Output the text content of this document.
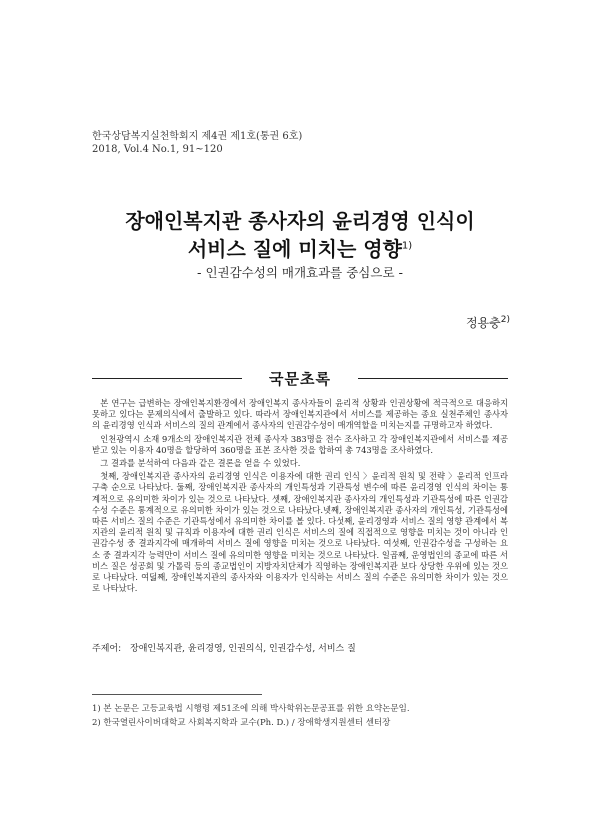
한국상담복지실천학회지 제4권 제1호(통권 6호)
2018, Vol.4 No.1, 91~120
장애인복지관 종사자의 윤리경영 인식이
서비스 질에 미치는 영향$^{1)}$
- 인권감수성의 매개효과를 중심으로 -
정용충$^{2)}$
국문초록

본 연구는 급변하는 장애인복지환경에서 장애인복지 종사자들이 윤리적 상황과 인권상황에 적극적으로 대응하지 못하고 있다는 문제의식에서 출발하고 있다. 따라서 장애인복지관에서 서비스를 제공하는 종요 실천주체인 종사자의 윤리경영 인식과 서비스의 질의 관계에서 종사자의 인권감수성이 매개역할을 미치는지를 규명하고자 하였다.

인천광역시 소재 9개소의 장애인복지관 전체 종사자 383명을 전수 조사하고 각 장애인복지관에서 서비스를 제공받고 있는 이용자 40명을 할당하여 360명을 표본 조사한 것을 합하여 총 743명을 조사하였다.

그 결과를 분석하여 다음과 같은 결론을 얻을 수 있었다.

첫째, 장애인복지관 종사자의 윤리경영 인식은 이용자에 대한 권리 인식 〉윤리적 원칙 및 전략 〉윤리적 인프라 구축 순으로 나타났다. 둘째, 장애인복지관 종사자의 개인특성과 기관특성 변수에 따른 윤리경영 인식의 차이는 통계적으로 유의미한 차이가 있는 것으로 나타났다. 셋째, 장애인복지관 종사자의 개인특성과 기관특성에 따른 인권감수성 수준은 통계적으로 유의미한 차이가 있는 것으로 나타났다.넷째, 장애인복지관 종사자의 개인특성, 기관특성에 따른 서비스 질의 수준은 기관특성에서 유의미한 차이를 볼 있다. 다섯째, 윤리경영과 서비스 질의 영향 관계에서 복지관의 윤리적 원칙 및 규칙과 이용자에 대한 권리 인식은 서비스의 질에 직접적으로 영향을 미치는 것이 아니라 인권감수성 중 결과지각에 매개하여 서비스 질에 영향을 미치는 것으로 나타났다. 여섯째, 인권감수성을 구성하는 요소 중 결과지각 능력만이 서비스 질에 유의미한 영향을 미치는 것으로 나타났다. 일곱째, 운영법인의 종교에 따른 서비스 질은 성공회 및 가톨릭 등의 종교법인이 지방자치단체가 직영하는 장애인복지관 보다 상당한 우위에 있는 것으로 나타났다. 여덟째, 장애인복지관의 종사자와 이용자가 인식하는 서비스 질의 수준은 유의미한 차이가 있는 것으로 나타났다.

주제어: 장애인복지관, 윤리경영, 인권의식, 인권감수성, 서비스 질
1) 본 논문은 고등교육법 시행령 제51조에 의해 박사학위논문공표를 위한 요약논문임.
2) 한국열린사이버대학교 사회복지학과 교수(Ph. D.) / 장애학생지원센터 센터장
